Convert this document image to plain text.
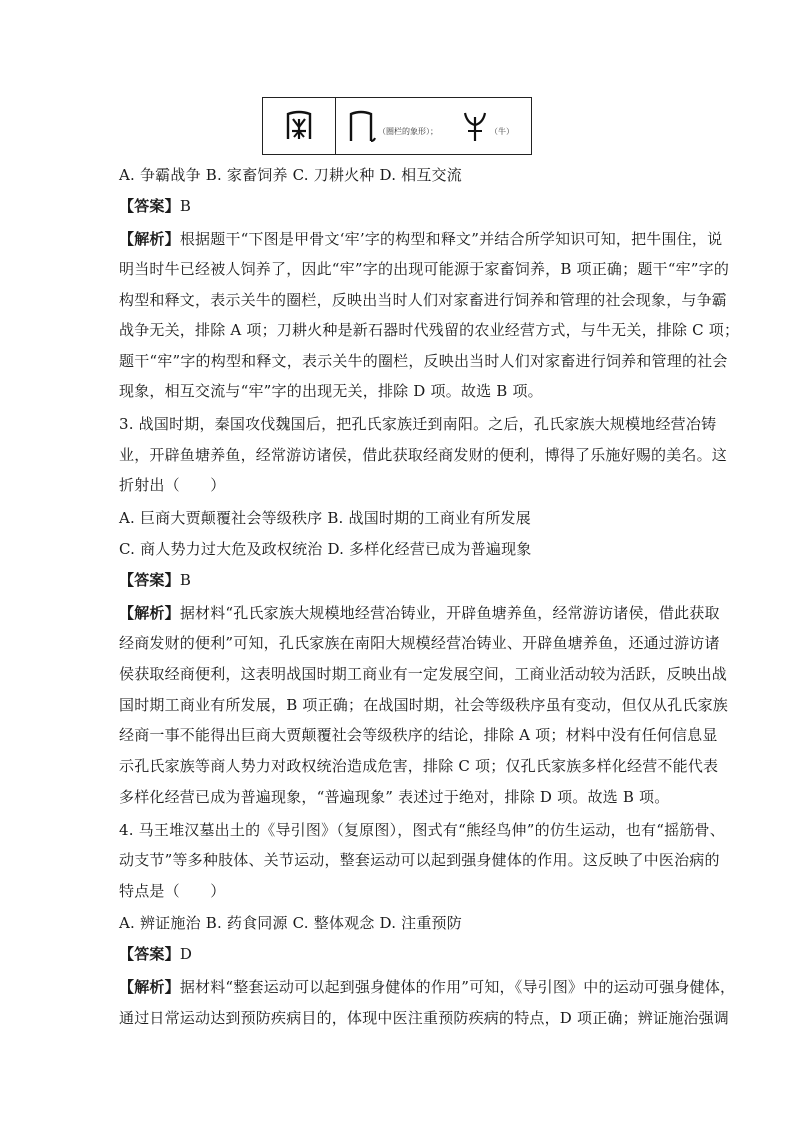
（圈栏的象形）；	（牛）
A. 争霸战争 B. 家畜饲养 C. 刀耕火种 D. 相互交流
【答案】B
【解析】根据题干“下图是甲骨文‘牢’字的构型和释文”并结合所学知识可知，把牛围住，说
明当时牛已经被人饲养了，因此“牢”字的出现可能源于家畜饲养，B 项正确；题干“牢”字的
构型和释文，表示关牛的圈栏，反映出当时人们对家畜进行饲养和管理的社会现象，与争霸
战争无关，排除 A 项；刀耕火种是新石器时代残留的农业经营方式，与牛无关，排除 C 项；
题干“牢”字的构型和释文，表示关牛的圈栏，反映出当时人们对家畜进行饲养和管理的社会
现象，相互交流与“牢”字的出现无关，排除 D 项。故选 B 项。
3. 战国时期，秦国攻伐魏国后，把孔氏家族迁到南阳。之后，孔氏家族大规模地经营冶铸
业，开辟鱼塘养鱼，经常游访诸侯，借此获取经商发财的便利，博得了乐施好赐的美名。这
折射出（　　）
A. 巨商大贾颠覆社会等级秩序 B. 战国时期的工商业有所发展
C. 商人势力过大危及政权统治 D. 多样化经营已成为普遍现象
【答案】B
【解析】据材料“孔氏家族大规模地经营冶铸业，开辟鱼塘养鱼，经常游访诸侯，借此获取
经商发财的便利”可知，孔氏家族在南阳大规模经营冶铸业、开辟鱼塘养鱼，还通过游访诸
侯获取经商便利，这表明战国时期工商业有一定发展空间，工商业活动较为活跃，反映出战
国时期工商业有所发展，B 项正确；在战国时期，社会等级秩序虽有变动，但仅从孔氏家族
经商一事不能得出巨商大贾颠覆社会等级秩序的结论，排除 A 项；材料中没有任何信息显
示孔氏家族等商人势力对政权统治造成危害，排除 C 项；仅孔氏家族多样化经营不能代表
多样化经营已成为普遍现象，“普遍现象” 表述过于绝对，排除 D 项。故选 B 项。
4. 马王堆汉墓出土的《导引图》（复原图），图式有“熊经鸟伸”的仿生运动，也有“摇筋骨、
动支节”等多种肢体、关节运动，整套运动可以起到强身健体的作用。这反映了中医治病的
特点是（　　）
A. 辨证施治 B. 药食同源 C. 整体观念 D. 注重预防
【答案】D
【解析】据材料“整套运动可以起到强身健体的作用”可知，《导引图》中的运动可强身健体，
通过日常运动达到预防疾病目的，体现中医注重预防疾病的特点，D 项正确；辨证施治强调
